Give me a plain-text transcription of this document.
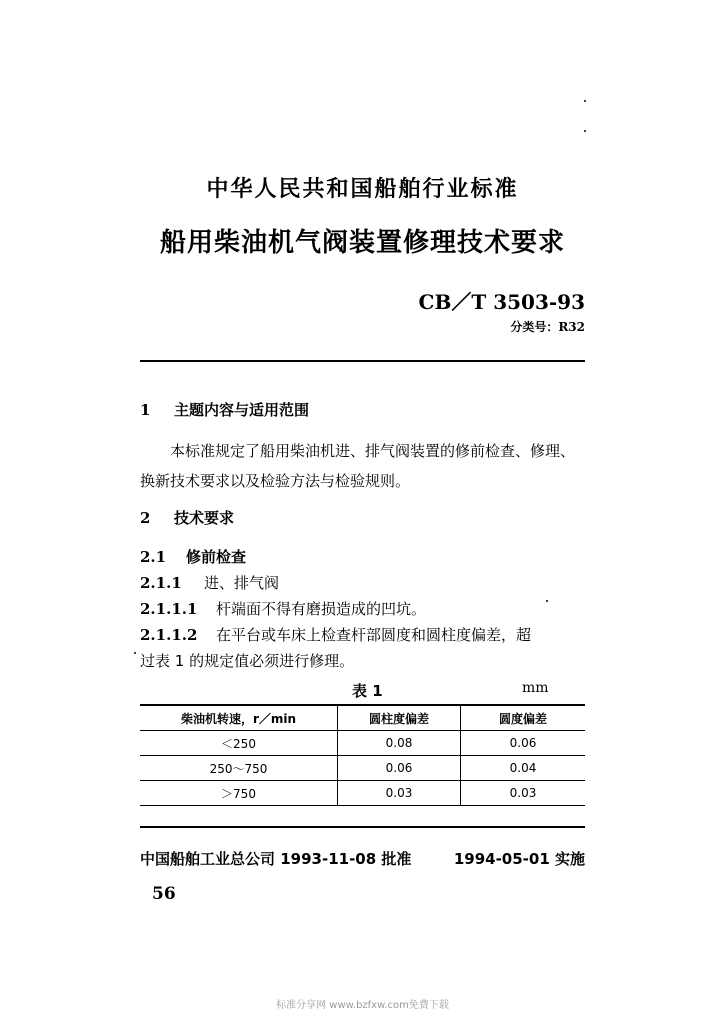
中华人民共和国船舶行业标准
船用柴油机气阀装置修理技术要求
CB／T 3503-93
分类号：R32
1 主题内容与适用范围
本标准规定了船用柴油机进、排气阀装置的修前检查、修理、换新技术要求以及检验方法与检验规则。
2 技术要求
2.1 修前检查
2.1.1 进、排气阀
2.1.1.1 杆端面不得有磨损造成的凹坑。
2.1.1.2 在平台或车床上检查杆部圆度和圆柱度偏差，超
过表 1 的规定值必须进行修理。
表 1	mm
柴油机转速，r／min	圆柱度偏差	圆度偏差
＜250	0.08	0.06
250～750	0.06	0.04
＞750	0.03	0.03
中国船舶工业总公司 1993-11-08 批准	1994-05-01 实施
56
标准分享网 www.bzfxw.com免费下载
